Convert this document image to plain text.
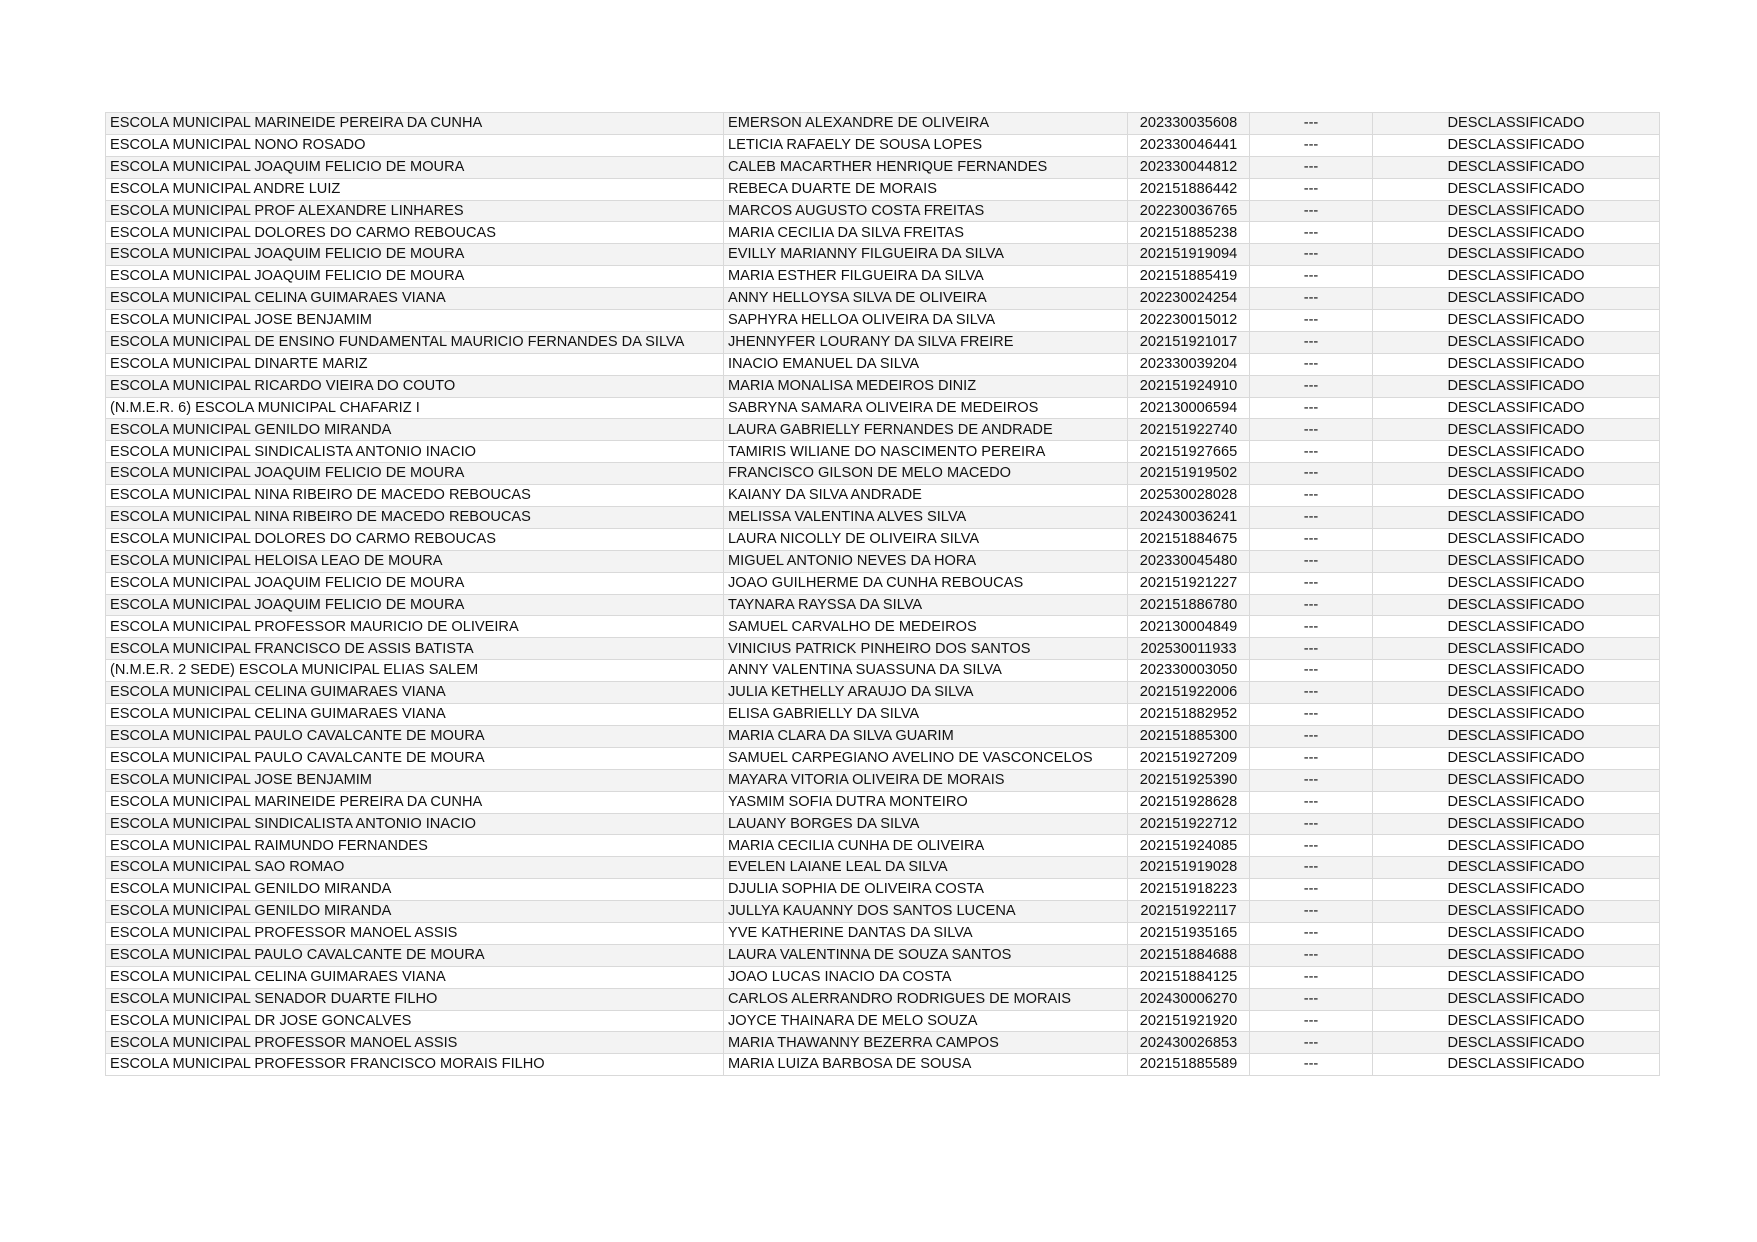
ESCOLA MUNICIPAL MARINEIDE PEREIRA DA CUNHA	EMERSON ALEXANDRE DE OLIVEIRA	202330035608	---	DESCLASSIFICADO
ESCOLA MUNICIPAL NONO ROSADO	LETICIA RAFAELY DE SOUSA LOPES	202330046441	---	DESCLASSIFICADO
ESCOLA MUNICIPAL JOAQUIM FELICIO DE MOURA	CALEB MACARTHER HENRIQUE FERNANDES	202330044812	---	DESCLASSIFICADO
ESCOLA MUNICIPAL ANDRE LUIZ	REBECA DUARTE DE MORAIS	202151886442	---	DESCLASSIFICADO
ESCOLA MUNICIPAL PROF ALEXANDRE LINHARES	MARCOS AUGUSTO COSTA FREITAS	202230036765	---	DESCLASSIFICADO
ESCOLA MUNICIPAL DOLORES DO CARMO REBOUCAS	MARIA CECILIA DA SILVA FREITAS	202151885238	---	DESCLASSIFICADO
ESCOLA MUNICIPAL JOAQUIM FELICIO DE MOURA	EVILLY MARIANNY FILGUEIRA DA SILVA	202151919094	---	DESCLASSIFICADO
ESCOLA MUNICIPAL JOAQUIM FELICIO DE MOURA	MARIA ESTHER FILGUEIRA DA SILVA	202151885419	---	DESCLASSIFICADO
ESCOLA MUNICIPAL CELINA GUIMARAES VIANA	ANNY HELLOYSA SILVA DE OLIVEIRA	202230024254	---	DESCLASSIFICADO
ESCOLA MUNICIPAL JOSE BENJAMIM	SAPHYRA HELLOA OLIVEIRA DA SILVA	202230015012	---	DESCLASSIFICADO
ESCOLA MUNICIPAL DE ENSINO FUNDAMENTAL MAURICIO FERNANDES DA SILVA	JHENNYFER LOURANY DA SILVA FREIRE	202151921017	---	DESCLASSIFICADO
ESCOLA MUNICIPAL DINARTE MARIZ	INACIO EMANUEL DA SILVA	202330039204	---	DESCLASSIFICADO
ESCOLA MUNICIPAL RICARDO VIEIRA DO COUTO	MARIA MONALISA MEDEIROS DINIZ	202151924910	---	DESCLASSIFICADO
(N.M.E.R. 6) ESCOLA MUNICIPAL CHAFARIZ I	SABRYNA SAMARA OLIVEIRA DE MEDEIROS	202130006594	---	DESCLASSIFICADO
ESCOLA MUNICIPAL GENILDO MIRANDA	LAURA GABRIELLY FERNANDES DE ANDRADE	202151922740	---	DESCLASSIFICADO
ESCOLA MUNICIPAL SINDICALISTA ANTONIO INACIO	TAMIRIS WILIANE DO NASCIMENTO PEREIRA	202151927665	---	DESCLASSIFICADO
ESCOLA MUNICIPAL JOAQUIM FELICIO DE MOURA	FRANCISCO GILSON DE MELO MACEDO	202151919502	---	DESCLASSIFICADO
ESCOLA MUNICIPAL NINA RIBEIRO DE MACEDO REBOUCAS	KAIANY DA SILVA ANDRADE	202530028028	---	DESCLASSIFICADO
ESCOLA MUNICIPAL NINA RIBEIRO DE MACEDO REBOUCAS	MELISSA VALENTINA ALVES SILVA	202430036241	---	DESCLASSIFICADO
ESCOLA MUNICIPAL DOLORES DO CARMO REBOUCAS	LAURA NICOLLY DE OLIVEIRA SILVA	202151884675	---	DESCLASSIFICADO
ESCOLA MUNICIPAL HELOISA LEAO DE MOURA	MIGUEL ANTONIO NEVES DA HORA	202330045480	---	DESCLASSIFICADO
ESCOLA MUNICIPAL JOAQUIM FELICIO DE MOURA	JOAO GUILHERME DA CUNHA REBOUCAS	202151921227	---	DESCLASSIFICADO
ESCOLA MUNICIPAL JOAQUIM FELICIO DE MOURA	TAYNARA RAYSSA DA SILVA	202151886780	---	DESCLASSIFICADO
ESCOLA MUNICIPAL PROFESSOR MAURICIO DE OLIVEIRA	SAMUEL CARVALHO DE MEDEIROS	202130004849	---	DESCLASSIFICADO
ESCOLA MUNICIPAL FRANCISCO DE ASSIS BATISTA	VINICIUS PATRICK PINHEIRO DOS SANTOS	202530011933	---	DESCLASSIFICADO
(N.M.E.R. 2 SEDE) ESCOLA MUNICIPAL ELIAS SALEM	ANNY VALENTINA SUASSUNA DA SILVA	202330003050	---	DESCLASSIFICADO
ESCOLA MUNICIPAL CELINA GUIMARAES VIANA	JULIA KETHELLY ARAUJO DA SILVA	202151922006	---	DESCLASSIFICADO
ESCOLA MUNICIPAL CELINA GUIMARAES VIANA	ELISA GABRIELLY DA SILVA	202151882952	---	DESCLASSIFICADO
ESCOLA MUNICIPAL PAULO CAVALCANTE DE MOURA	MARIA CLARA DA SILVA GUARIM	202151885300	---	DESCLASSIFICADO
ESCOLA MUNICIPAL PAULO CAVALCANTE DE MOURA	SAMUEL CARPEGIANO AVELINO DE VASCONCELOS	202151927209	---	DESCLASSIFICADO
ESCOLA MUNICIPAL JOSE BENJAMIM	MAYARA VITORIA OLIVEIRA DE MORAIS	202151925390	---	DESCLASSIFICADO
ESCOLA MUNICIPAL MARINEIDE PEREIRA DA CUNHA	YASMIM SOFIA DUTRA MONTEIRO	202151928628	---	DESCLASSIFICADO
ESCOLA MUNICIPAL SINDICALISTA ANTONIO INACIO	LAUANY BORGES DA SILVA	202151922712	---	DESCLASSIFICADO
ESCOLA MUNICIPAL RAIMUNDO FERNANDES	MARIA CECILIA CUNHA DE OLIVEIRA	202151924085	---	DESCLASSIFICADO
ESCOLA MUNICIPAL SAO ROMAO	EVELEN LAIANE LEAL DA SILVA	202151919028	---	DESCLASSIFICADO
ESCOLA MUNICIPAL GENILDO MIRANDA	DJULIA SOPHIA DE OLIVEIRA COSTA	202151918223	---	DESCLASSIFICADO
ESCOLA MUNICIPAL GENILDO MIRANDA	JULLYA KAUANNY DOS SANTOS LUCENA	202151922117	---	DESCLASSIFICADO
ESCOLA MUNICIPAL PROFESSOR MANOEL ASSIS	YVE KATHERINE DANTAS DA SILVA	202151935165	---	DESCLASSIFICADO
ESCOLA MUNICIPAL PAULO CAVALCANTE DE MOURA	LAURA VALENTINNA DE SOUZA SANTOS	202151884688	---	DESCLASSIFICADO
ESCOLA MUNICIPAL CELINA GUIMARAES VIANA	JOAO LUCAS INACIO DA COSTA	202151884125	---	DESCLASSIFICADO
ESCOLA MUNICIPAL SENADOR DUARTE FILHO	CARLOS ALERRANDRO RODRIGUES DE MORAIS	202430006270	---	DESCLASSIFICADO
ESCOLA MUNICIPAL DR JOSE GONCALVES	JOYCE THAINARA DE MELO SOUZA	202151921920	---	DESCLASSIFICADO
ESCOLA MUNICIPAL PROFESSOR MANOEL ASSIS	MARIA THAWANNY BEZERRA CAMPOS	202430026853	---	DESCLASSIFICADO
ESCOLA MUNICIPAL PROFESSOR FRANCISCO MORAIS FILHO	MARIA LUIZA BARBOSA DE SOUSA	202151885589	---	DESCLASSIFICADO
